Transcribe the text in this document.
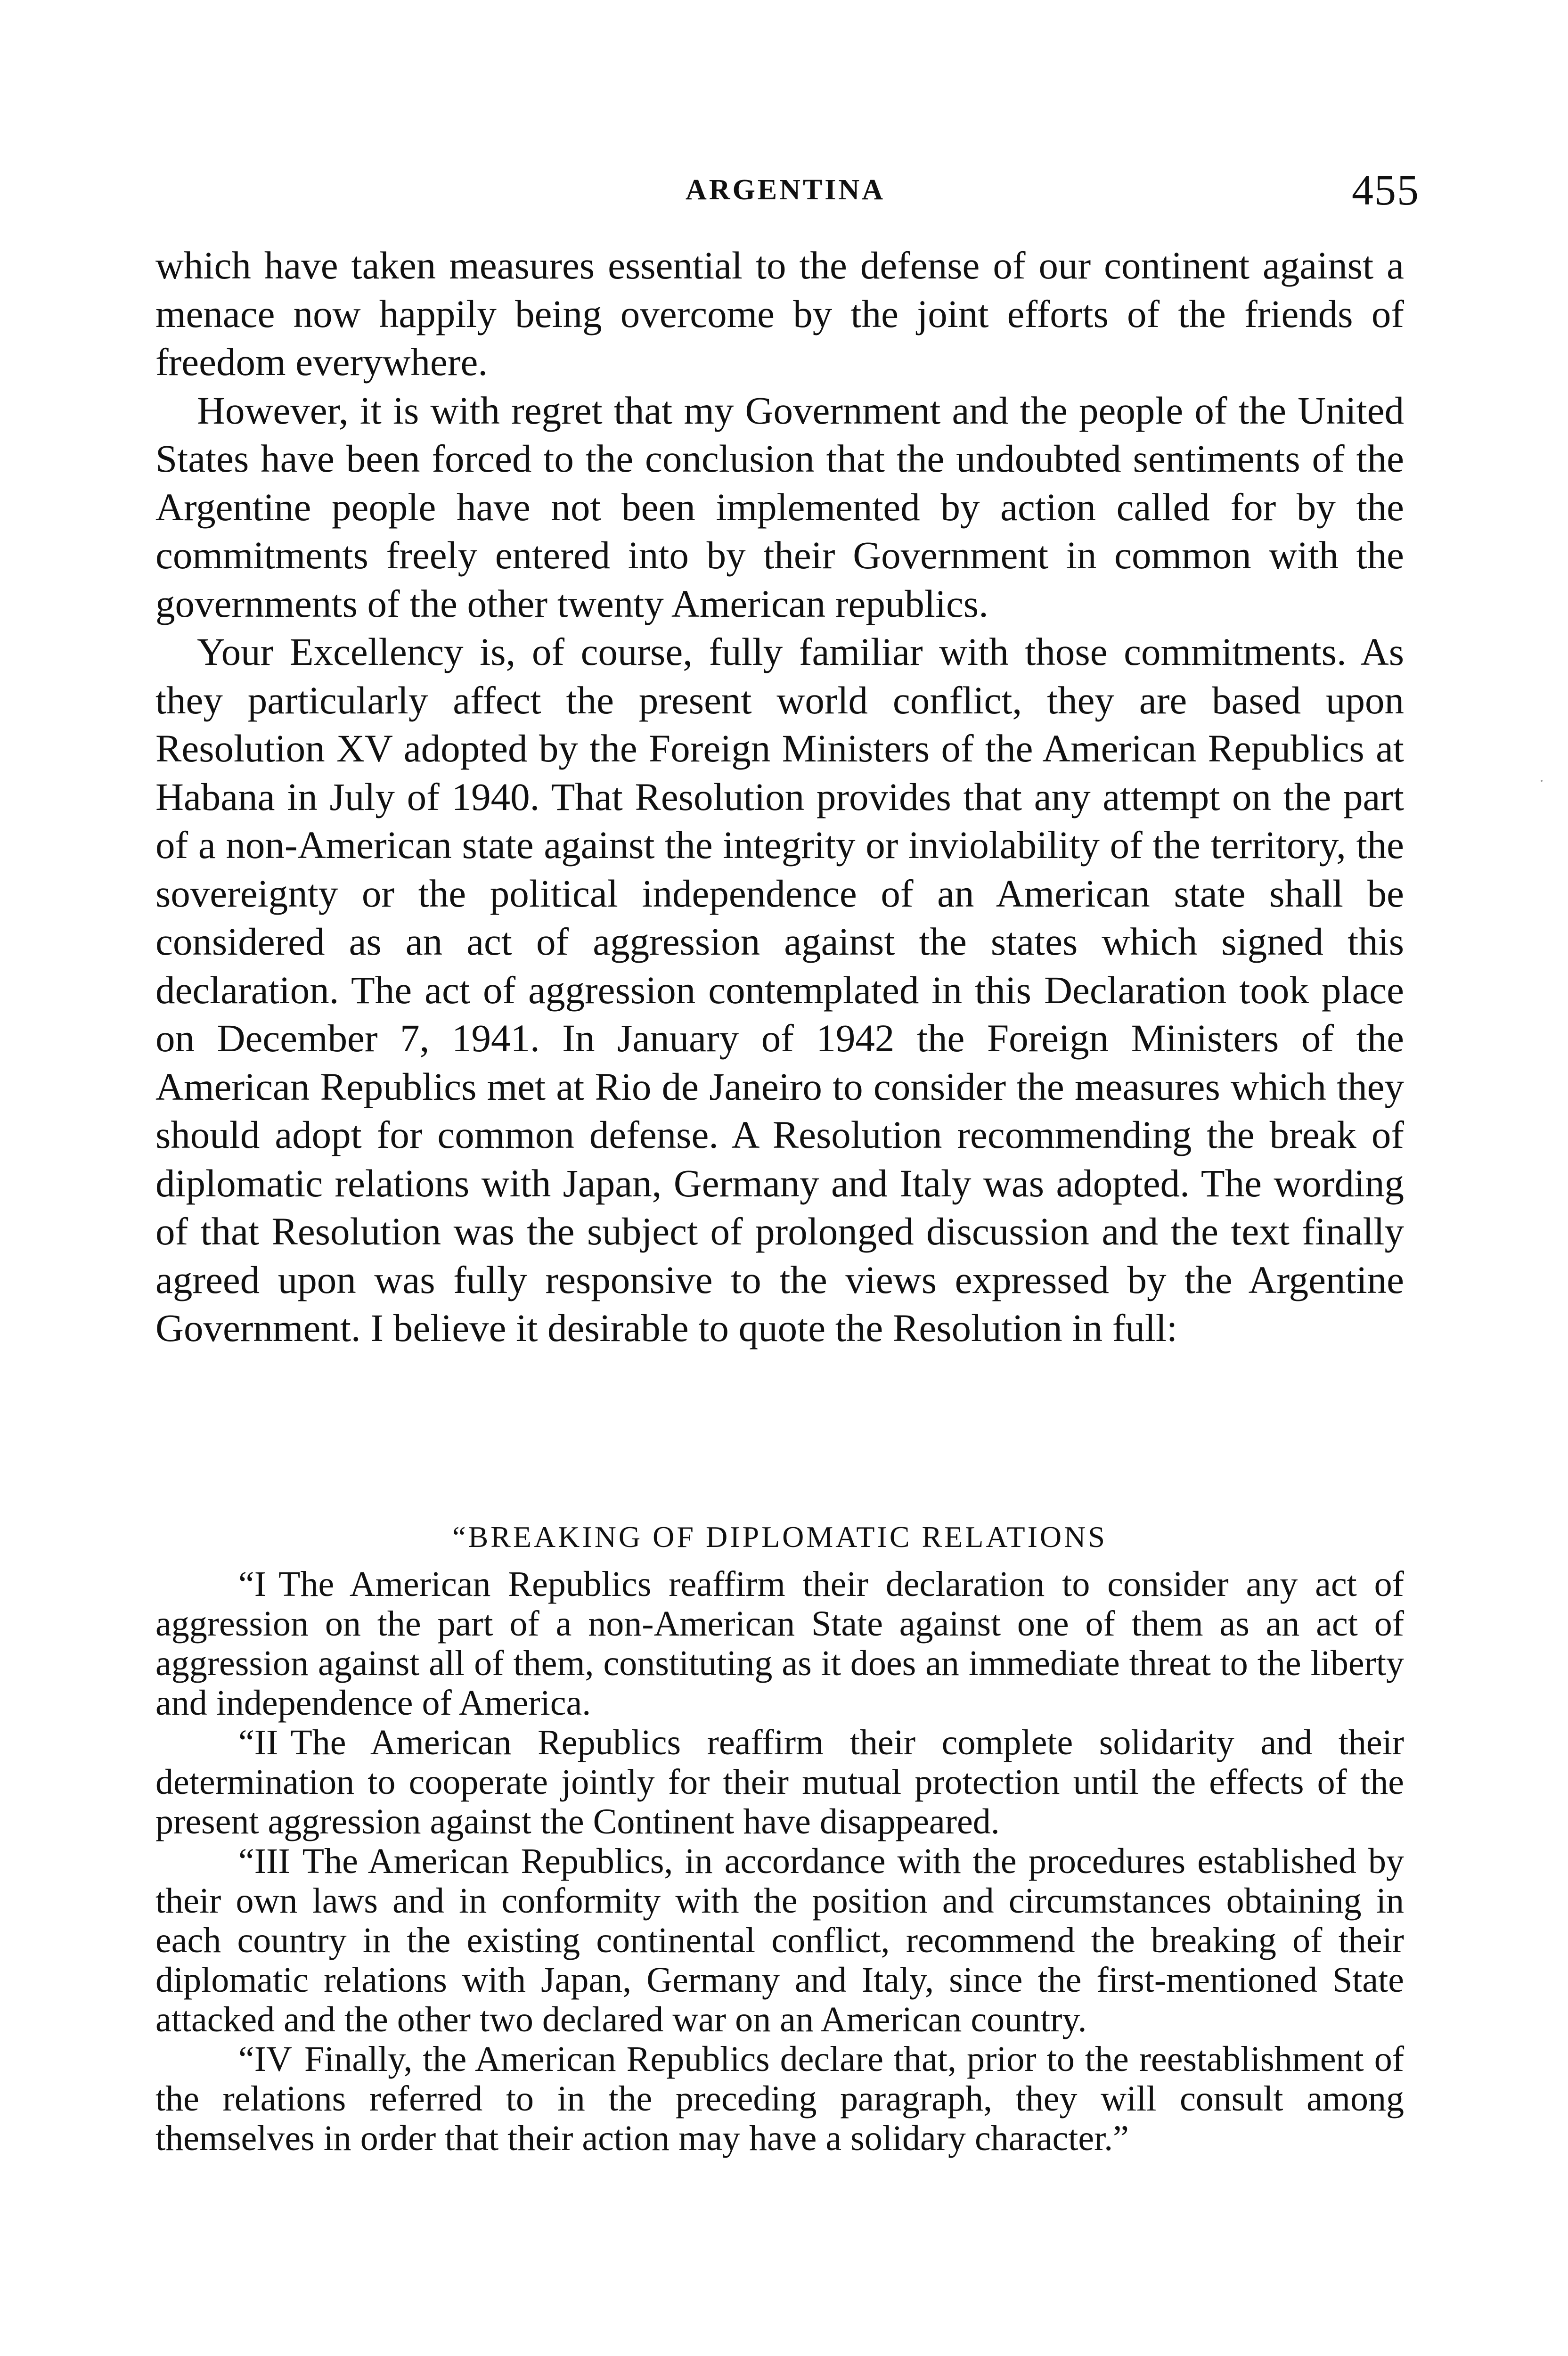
ARGENTINA	455

which have taken measures essential to the defense of our continent against a menace now happily being overcome by the joint efforts of the friends of freedom everywhere.

However, it is with regret that my Government and the people of the United States have been forced to the conclusion that the undoubted sentiments of the Argentine people have not been implemented by action called for by the commitments freely entered into by their Government in common with the governments of the other twenty American republics.

Your Excellency is, of course, fully familiar with those commitments. As they particularly affect the present world conflict, they are based upon Resolution XV adopted by the Foreign Ministers of the American Republics at Habana in July of 1940. That Resolution provides that any attempt on the part of a non-American state against the integrity or inviolability of the territory, the sovereignty or the political independence of an American state shall be considered as an act of aggression against the states which signed this declaration. The act of aggression contemplated in this Declaration took place on December 7, 1941. In January of 1942 the Foreign Ministers of the American Republics met at Rio de Janeiro to consider the measures which they should adopt for common defense. A Resolution recommending the break of diplomatic relations with Japan, Germany and Italy was adopted. The wording of that Resolution was the subject of prolonged discussion and the text finally agreed upon was fully responsive to the views expressed by the Argentine Government. I believe it desirable to quote the Resolution in full:

“BREAKING OF DIPLOMATIC RELATIONS

“I The American Republics reaffirm their declaration to consider any act of aggression on the part of a non-American State against one of them as an act of aggression against all of them, constituting as it does an immediate threat to the liberty and independence of America.

“II The American Republics reaffirm their complete solidarity and their determination to cooperate jointly for their mutual protection until the effects of the present aggression against the Continent have disappeared.

“III The American Republics, in accordance with the procedures established by their own laws and in conformity with the position and circumstances obtaining in each country in the existing continental conflict, recommend the breaking of their diplomatic relations with Japan, Germany and Italy, since the first-mentioned State attacked and the other two declared war on an American country.

“IV Finally, the American Republics declare that, prior to the reestablishment of the relations referred to in the preceding paragraph, they will consult among themselves in order that their action may have a solidary character.”
